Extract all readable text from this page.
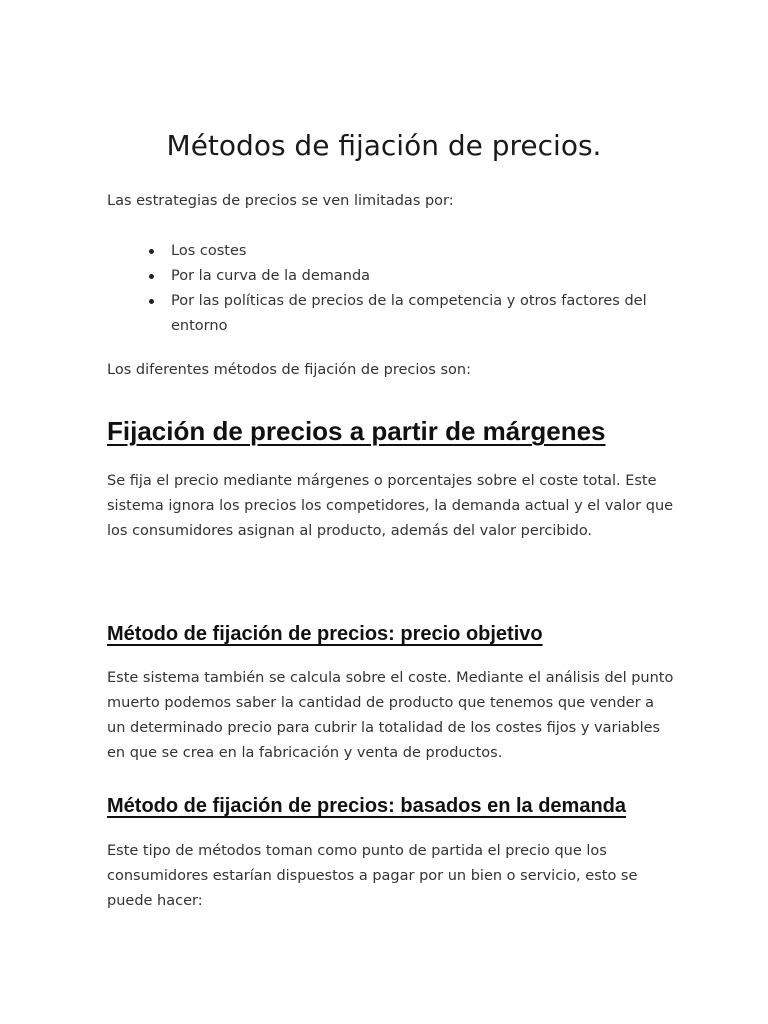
Métodos de fijación de precios.

Las estrategias de precios se ven limitadas por:

Los costes
Por la curva de la demanda
Por las políticas de precios de la competencia y otros factores del entorno

Los diferentes métodos de fijación de precios son:

Fijación de precios a partir de márgenes

Se fija el precio mediante márgenes o porcentajes sobre el coste total. Este sistema ignora los precios los competidores, la demanda actual y el valor que los consumidores asignan al producto, además del valor percibido.

Método de fijación de precios: precio objetivo

Este sistema también se calcula sobre el coste. Mediante el análisis del punto muerto podemos saber la cantidad de producto que tenemos que vender a un determinado precio para cubrir la totalidad de los costes fijos y variables en que se crea en la fabricación y venta de productos.

Método de fijación de precios: basados en la demanda

Este tipo de métodos toman como punto de partida el precio que los consumidores estarían dispuestos a pagar por un bien o servicio, esto se puede hacer:
